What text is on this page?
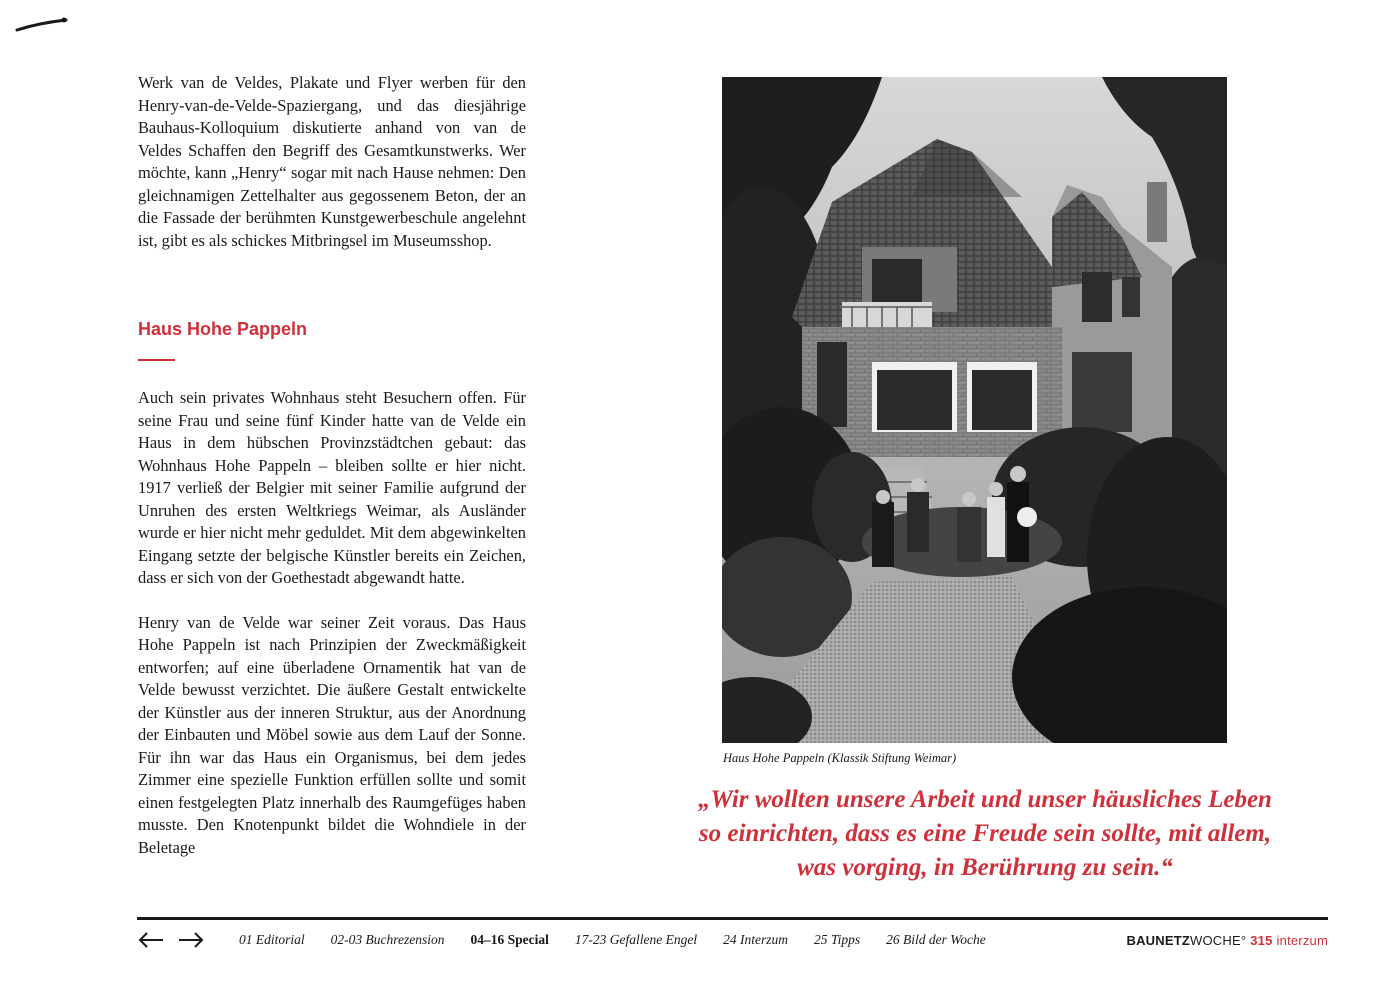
Werk van de Veldes, Plakate und Flyer werben für den Henry-van-de-Velde-Spaziergang, und das diesjährige Bauhaus-Kolloquium diskutierte anhand von van de Veldes Schaffen den Begriff des Gesamtkunstwerks. Wer möchte, kann „Henry“ sogar mit nach Hause nehmen: Den gleichnamigen Zettelhalter aus gegossenem Beton, der an die Fassade der berühmten Kunstgewerbeschule angelehnt ist, gibt es als schickes Mitbringsel im Museumsshop.

Haus Hohe Pappeln

Auch sein privates Wohnhaus steht Besuchern offen. Für seine Frau und seine fünf Kinder hatte van de Velde ein Haus in dem hübschen Provinzstädtchen gebaut: das Wohnhaus Hohe Pappeln – bleiben sollte er hier nicht. 1917 verließ der Belgier mit seiner Familie aufgrund der Unruhen des ersten Weltkriegs Weimar, als Ausländer wurde er hier nicht mehr geduldet. Mit dem abgewinkelten Eingang setzte der belgische Künstler bereits ein Zeichen, dass er sich von der Goethestadt abgewandt hatte.

Henry van de Velde war seiner Zeit voraus. Das Haus Hohe Pappeln ist nach Prinzipien der Zweckmäßigkeit entworfen; auf eine überladene Ornamentik hat van de Velde bewusst verzichtet. Die äußere Gestalt entwickelte der Künstler aus der inneren Struktur, aus der Anordnung der Einbauten und Möbel sowie aus dem Lauf der Sonne. Für ihn war das Haus ein Organismus, bei dem jedes Zimmer eine spezielle Funktion erfüllen sollte und somit einen festgelegten Platz innerhalb des Raumgefüges haben musste. Den Knotenpunkt bildet die Wohndiele in der Beletage

Haus Hohe Pappeln (Klassik Stiftung Weimar)
„Wir wollten unsere Arbeit und unser häusliches Leben
so einrichten, dass es eine Freude sein sollte, mit allem,
was vorging, in Berührung zu sein.“
01 Editorial 02-03 Buchrezension 04–16 Special 17-23 Gefallene Engel 24 Interzum 25 Tipps 26 Bild der Woche	BAUNETZ WOCHE ° 315 interzum
